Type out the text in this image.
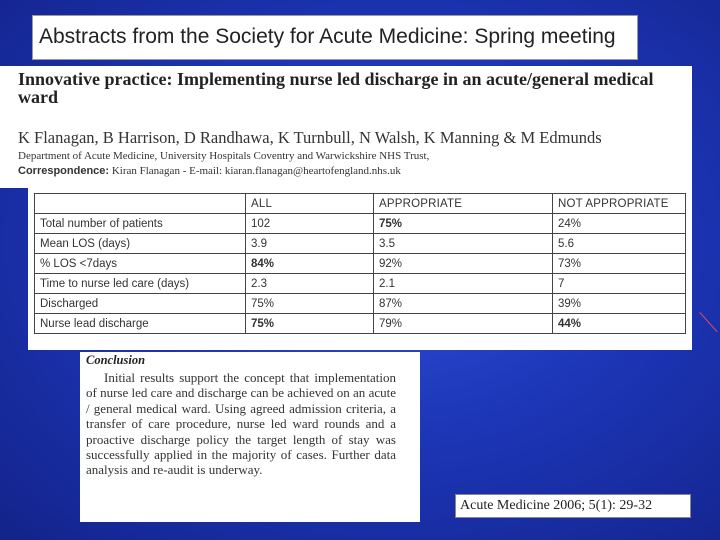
Abstracts from the Society for Acute Medicine: Spring meeting
Innovative practice: Implementing nurse led discharge in an acute/general medical ward
K Flanagan, B Harrison, D Randhawa, K Turnbull, N Walsh, K Manning & M Edmunds
Department of Acute Medicine, University Hospitals Coventry and Warwickshire NHS Trust,
Correspondence: Kiran Flanagan - E-mail: kiaran.flanagan@heartofengland.nhs.uk
	ALL	APPROPRIATE	NOT APPROPRIATE
Total number of patients	102	75%	24%
Mean LOS (days)	3.9	3.5	5.6
% LOS <7days	84%	92%	73%
Time to nurse led care (days)	2.3	2.1	7
Discharged	75%	87%	39%
Nurse lead discharge	75%	79%	44%
Conclusion
Initial results support the concept that implementation of nurse led care and discharge can be achieved on an acute / general medical ward. Using agreed admission criteria, a transfer of care procedure, nurse led ward rounds and a proactive discharge policy the target length of stay was successfully applied in the majority of cases. Further data analysis and re-audit is underway.
Acute Medicine 2006; 5(1): 29-32
